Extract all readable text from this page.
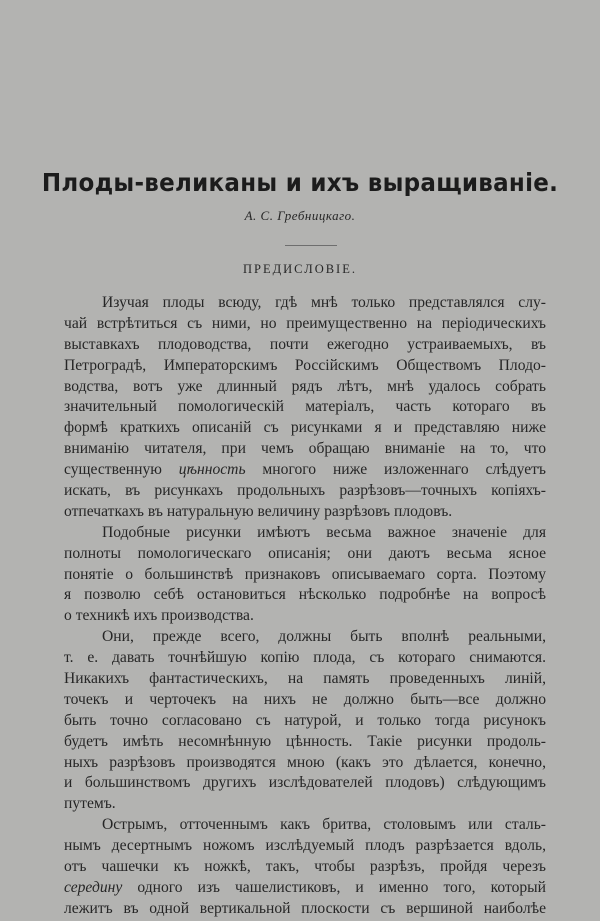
Плоды-великаны и ихъ выращиваніе.
А. С. Гребницкаго.
ПРЕДИСЛОВІЕ.
Изучая плоды всюду, гдѣ мнѣ только представлялся слу-
чай встрѣтиться съ ними, но преимущественно на періодическихъ
выставкахъ плодоводства, почти ежегодно устраиваемыхъ, въ
Петроградѣ, Императорскимъ Россійскимъ Обществомъ Плодо-
водства, вотъ уже длинный рядъ лѣтъ, мнѣ удалось собрать
значительный помологическій матеріалъ, часть котораго въ
формѣ краткихъ описаній съ рисунками я и представляю ниже
вниманію читателя, при чемъ обращаю вниманіе на то, что
существенную цѣнность многого ниже изложеннаго слѣдуетъ
искать, въ рисункахъ продольныхъ разрѣзовъ—точныхъ копіяхъ-
отпечаткахъ въ натуральную величину разрѣзовъ плодовъ.
Подобные рисунки имѣютъ весьма важное значеніе для
полноты помологическаго описанія; они даютъ весьма ясное
понятіе о большинствѣ признаковъ описываемаго сорта. Поэтому
я позволю себѣ остановиться нѣсколько подробнѣе на вопросѣ
о техникѣ ихъ производства.
Они, прежде всего, должны быть вполнѣ реальными,
т. е. давать точнѣйшую копію плода, съ котораго снимаются.
Никакихъ фантастическихъ, на память проведенныхъ линій,
точекъ и черточекъ на нихъ не должно быть—все должно
быть точно согласовано съ натурой, и только тогда рисунокъ
будетъ имѣть несомнѣнную цѣнность. Такіе рисунки продоль-
ныхъ разрѣзовъ производятся мною (какъ это дѣлается, конечно,
и большинствомъ другихъ изслѣдователей плодовъ) слѣдующимъ
путемъ.
Острымъ, отточеннымъ какъ бритва, столовымъ или сталь-
нымъ десертнымъ ножомъ изслѣдуемый плодъ разрѣзается вдоль,
отъ чашечки къ ножкѣ, такъ, чтобы разрѣзъ, пройдя черезъ
середину одного изъ чашелистиковъ, и именно того, который
лежитъ въ одной вертикальной плоскости съ вершиной наиболѣе
